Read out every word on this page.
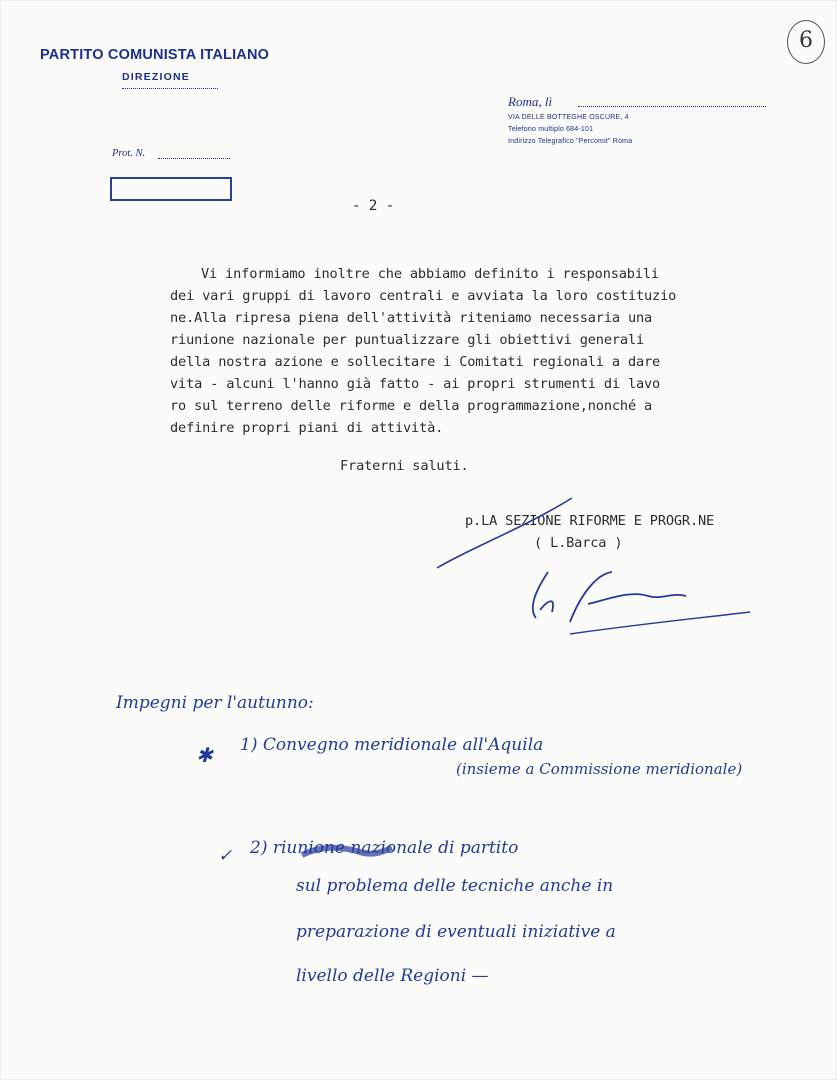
6
PARTITO COMUNISTA ITALIANO
DIREZIONE
Roma, lì
VIA DELLE BOTTEGHE OSCURE, 4
Telefono multiplo 684-101
Indirizzo Telegrafico "Percomit" Roma
Prot. N.
- 2 -
Vi informiamo inoltre che abbiamo definito i responsabili
dei vari gruppi di lavoro centrali e avviata la loro costituzio
ne.Alla ripresa piena dell'attività riteniamo necessaria una
riunione nazionale per puntualizzare gli obiettivi generali
della nostra azione e sollecitare i Comitati regionali a dare
vita - alcuni l'hanno già fatto - ai propri strumenti di lavo
ro sul terreno delle riforme e della programmazione,nonché a
definire propri piani di attività.
Fraterni saluti.
p.LA SEZIONE RIFORME E PROGR.NE
( L.Barca )
Impegni per l'autunno:
✱ 1) Convegno meridionale all'Aquila
(insieme a Commissione meridionale)
✓ 2) riunione nazionale di partito
sul problema delle tecniche anche in
preparazione di eventuali iniziative a
livello delle Regioni —
